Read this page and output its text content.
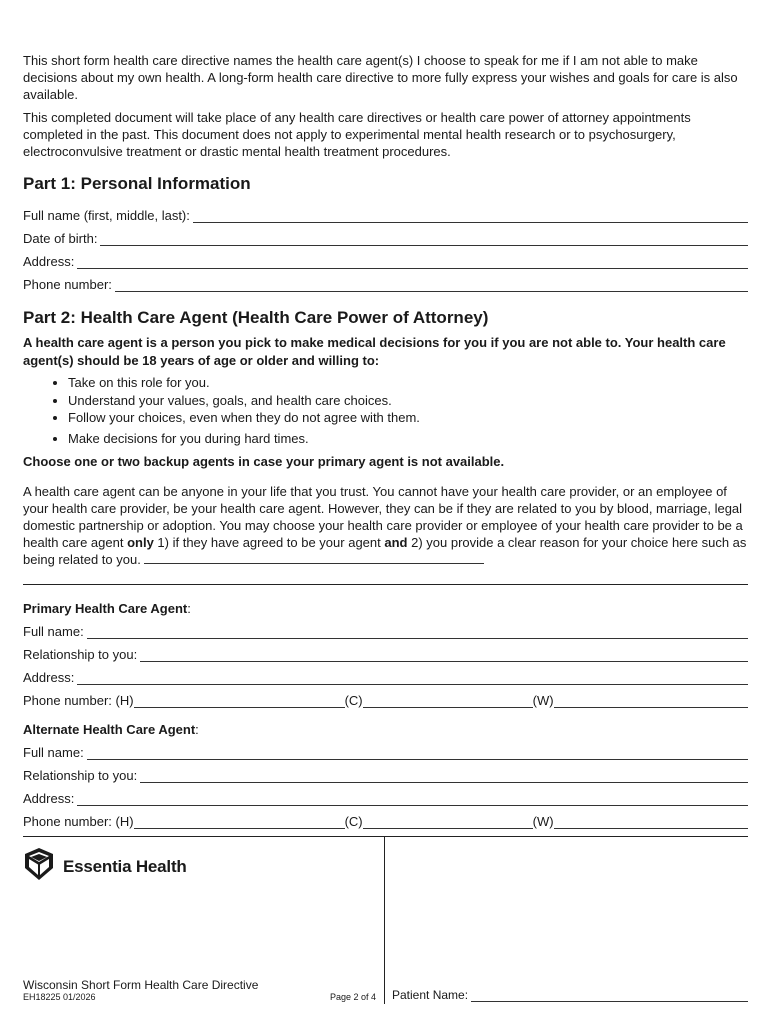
This short form health care directive names the health care agent(s) I choose to speak for me if I am not able to make decisions about my own health. A long-form health care directive to more fully express your wishes and goals for care is also available.

This completed document will take place of any health care directives or health care power of attorney appointments completed in the past. This document does not apply to experimental mental health research or to psychosurgery, electroconvulsive treatment or drastic mental health treatment procedures.

Part 1: Personal Information
Full name (first, middle, last):
Date of birth:
Address:
Phone number:
Part 2: Health Care Agent (Health Care Power of Attorney)

A health care agent is a person you pick to make medical decisions for you if you are not able to. Your health care agent(s) should be 18 years of age or older and willing to:

• Take on this role for you.
• Understand your values, goals, and health care choices.
• Follow your choices, even when they do not agree with them.
• Make decisions for you during hard times.

Choose one or two backup agents in case your primary agent is not available.

A health care agent can be anyone in your life that you trust. You cannot have your health care provider, or an employee of your health care provider, be your health care agent. However, they can be if they are related to you by blood, marriage, legal domestic partnership or adoption. You may choose your health care provider or employee of your health care provider to be a health care agent only 1) if they have agreed to be your agent and 2) you provide a clear reason for your choice here such as being related to you.

Primary Health Care Agent:
Full name:
Relationship to you:
Address:
Phone number: (H)	(C)	(W)
Alternate Health Care Agent:
Full name:
Relationship to you:
Address:
Phone number: (H)	(C)	(W)
Essentia Health
Wisconsin Short Form Health Care Directive
EH18225 01/2026	Page 2 of 4 Patient Name:
